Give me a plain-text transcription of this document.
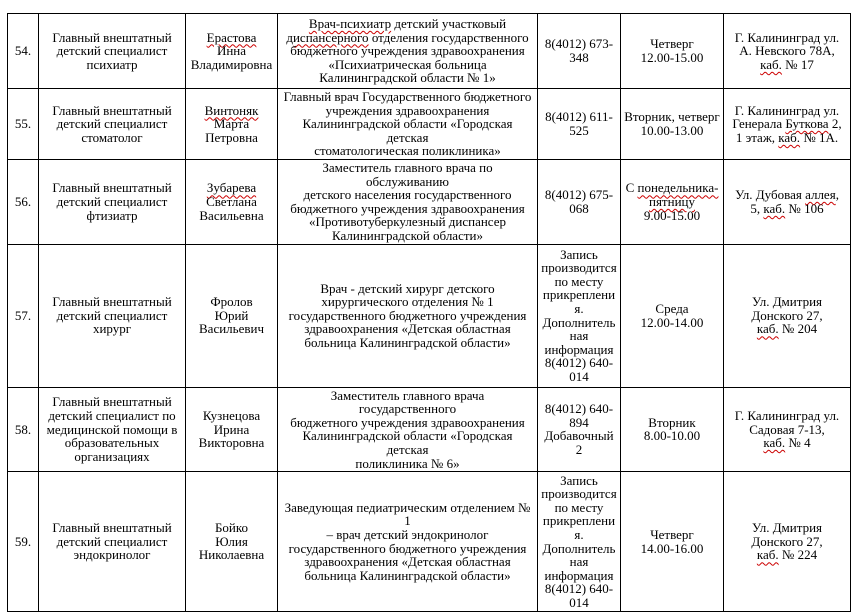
54.	Главный внештатный
детский специалист
психиатр	Ерастова
Инна
Владимировна	Врач-психиатр детский участковый
диспансерного отделения государственного
бюджетного учреждения здравоохранения
«Психиатрическая больница
Калининградской области № 1»	8(4012) 673-
348	Четверг
12.00-15.00	Г. Калининград ул.
А. Невского 78А,
каб. № 17
55.	Главный внештатный
детский специалист
стоматолог	Винтоняк
Марта Петровна	Главный врач Государственного бюджетного
учреждения здравоохранения
Калининградской области «Городская детская
стоматологическая поликлиника»	8(4012) 611-
525	Вторник, четверг
10.00-13.00	Г. Калининград ул.
Генерала Буткова 2,
1 этаж, каб. № 1А.
56.	Главный внештатный
детский специалист
фтизиатр	Зубарева
Светлана
Васильевна	Заместитель главного врача по обслуживанию
детского населения государственного
бюджетного учреждения здравоохранения
«Противотуберкулезный диспансер
Калининградской области»	8(4012) 675-
068	С понедельника-
пятницу
9.00-15.00	Ул. Дубовая аллея,
5, каб. № 106
57.	Главный внештатный
детский специалист
хирург	Фролов
Юрий
Васильевич	Врач - детский хирург детского
хирургического отделения № 1
государственного бюджетного учреждения
здравоохранения «Детская областная
больница Калининградской области»	Запись
производится
по месту
прикреплени
я.
Дополнитель
ная
информация
8(4012) 640-
014	Среда
12.00-14.00	Ул. Дмитрия
Донского 27,
каб. № 204
58.	Главный внештатный
детский специалист по
медицинской помощи в
образовательных
организациях	Кузнецова
Ирина
Викторовна	Заместитель главного врача государственного
бюджетного учреждения здравоохранения
Калининградской области «Городская детская
поликлиника № 6»	8(4012) 640-
894
Добавочный
2	Вторник
8.00-10.00	Г. Калининград ул.
Садовая 7-13,
каб. № 4
59.	Главный внештатный
детский специалист
эндокринолог	Бойко
Юлия
Николаевна	Заведующая педиатрическим отделением № 1
– врач детский эндокринолог
государственного бюджетного учреждения
здравоохранения «Детская областная
больница Калининградской области»	Запись
производится
по месту
прикреплени
я.
Дополнитель
ная
информация
8(4012) 640-
014	Четверг
14.00-16.00	Ул. Дмитрия
Донского 27,
каб. № 224
